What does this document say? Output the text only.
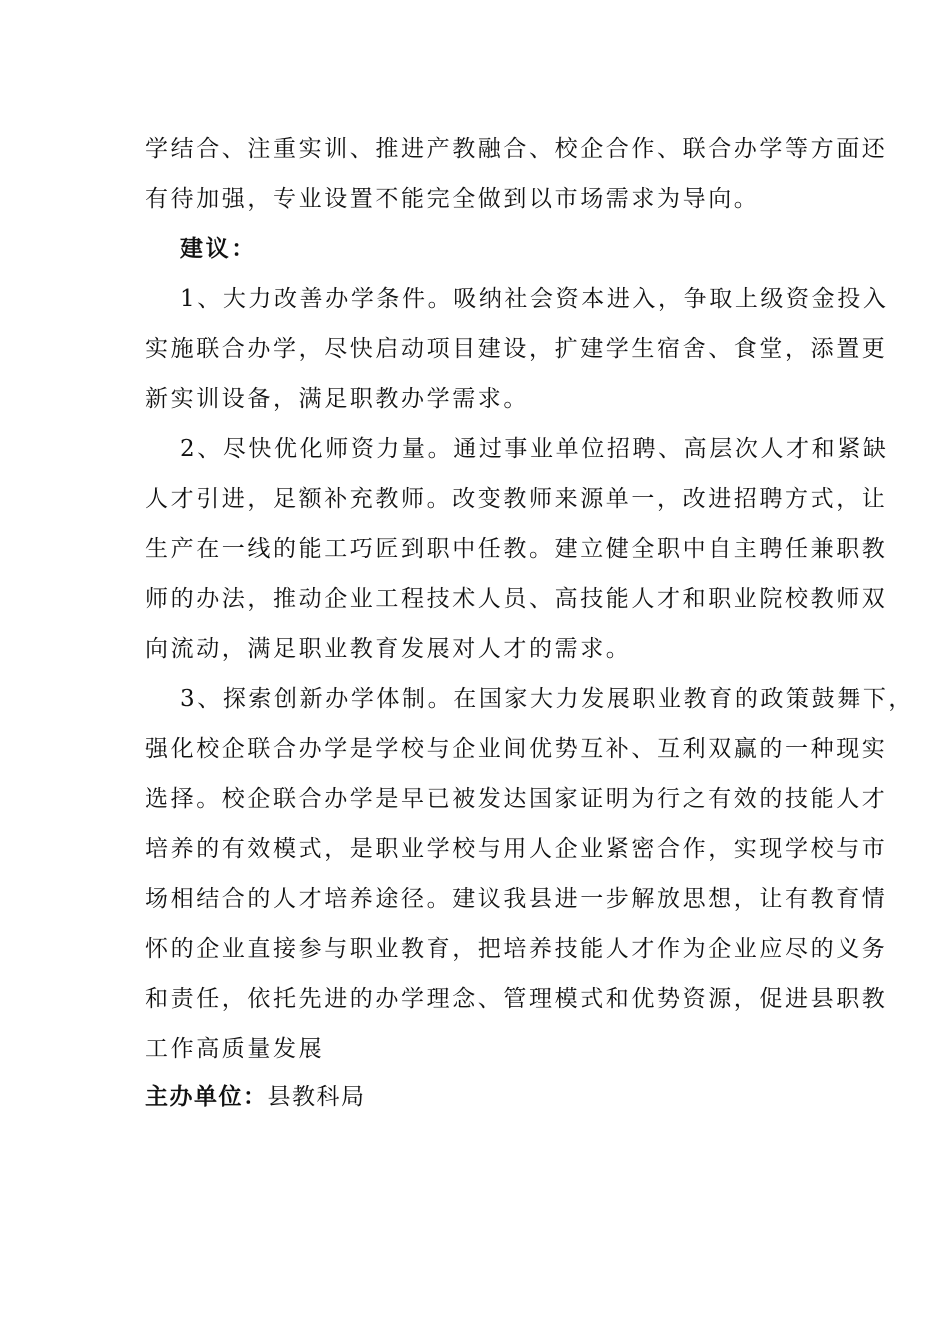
学结合、注重实训、推进产教融合、校企合作、联合办学等方面还
有待加强，专业设置不能完全做到以市场需求为导向。
建议：
1、大力改善办学条件。吸纳社会资本进入，争取上级资金投入
实施联合办学，尽快启动项目建设，扩建学生宿舍、食堂，添置更
新实训设备，满足职教办学需求。
2、尽快优化师资力量。通过事业单位招聘、高层次人才和紧缺
人才引进，足额补充教师。改变教师来源单一，改进招聘方式，让
生产在一线的能工巧匠到职中任教。建立健全职中自主聘任兼职教
师的办法，推动企业工程技术人员、高技能人才和职业院校教师双
向流动，满足职业教育发展对人才的需求。
3、探索创新办学体制。在国家大力发展职业教育的政策鼓舞下，
强化校企联合办学是学校与企业间优势互补、互利双赢的一种现实
选择。校企联合办学是早已被发达国家证明为行之有效的技能人才
培养的有效模式，是职业学校与用人企业紧密合作，实现学校与市
场相结合的人才培养途径。建议我县进一步解放思想，让有教育情
怀的企业直接参与职业教育，把培养技能人才作为企业应尽的义务
和责任，依托先进的办学理念、管理模式和优势资源，促进县职教
工作高质量发展
主办单位：县教科局
